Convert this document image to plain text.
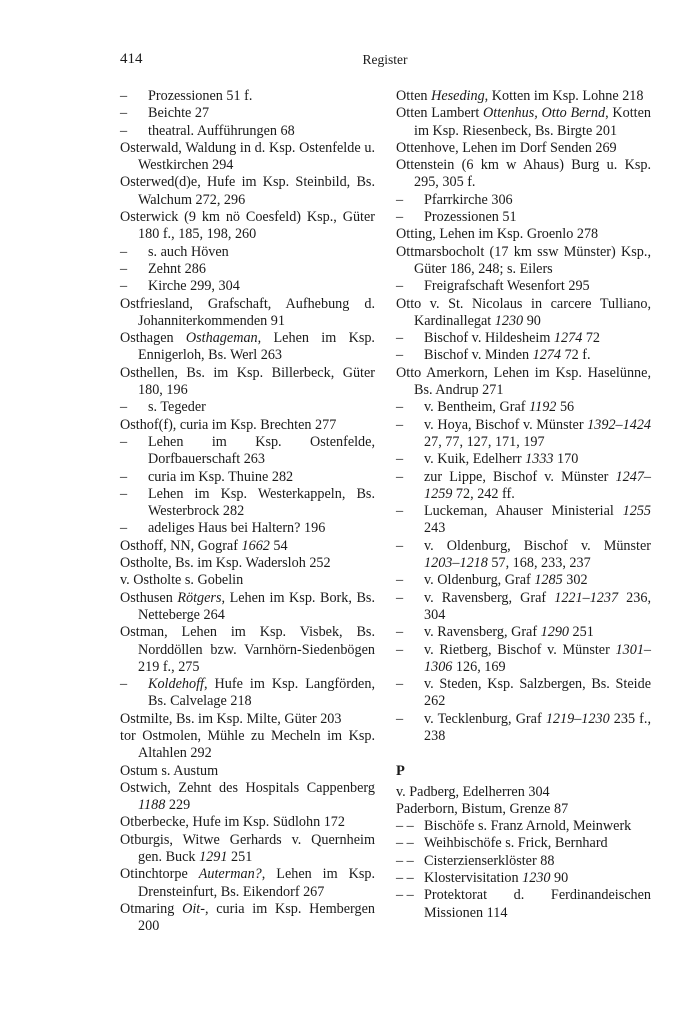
414	Register
– Prozessionen 51 f.
– Beichte 27
– theatral. Aufführungen 68
Osterwald, Waldung in d. Ksp. Ostenfelde u. Westkirchen 294
Osterwed(d)e, Hufe im Ksp. Steinbild, Bs. Walchum 272, 296
Osterwick (9 km nö Coesfeld) Ksp., Güter 180 f., 185, 198, 260
– s. auch Höven
– Zehnt 286
– Kirche 299, 304
Ostfriesland, Grafschaft, Aufhebung d. Johanniterkommenden 91
Osthagen Osthageman, Lehen im Ksp. Ennigerloh, Bs. Werl 263
Osthellen, Bs. im Ksp. Billerbeck, Güter 180, 196
– s. Tegeder
Osthof(f), curia im Ksp. Brechten 277
– Lehen im Ksp. Ostenfelde, Dorfbauerschaft 263
– curia im Ksp. Thuine 282
– Lehen im Ksp. Westerkappeln, Bs. Westerbrock 282
– adeliges Haus bei Haltern? 196
Osthoff, NN, Gograf 1662 54
Ostholte, Bs. im Ksp. Wadersloh 252
v. Ostholte s. Gobelin
Osthusen Rötgers, Lehen im Ksp. Bork, Bs. Netteberge 264
Ostman, Lehen im Ksp. Visbek, Bs. Norddöllen bzw. Varnhörn-Siedenbögen 219 f., 275
– Koldehoff, Hufe im Ksp. Langförden, Bs. Calvelage 218
Ostmilte, Bs. im Ksp. Milte, Güter 203
tor Ostmolen, Mühle zu Mecheln im Ksp. Altahlen 292
Ostum s. Austum
Ostwich, Zehnt des Hospitals Cappenberg 1188 229
Otberbecke, Hufe im Ksp. Südlohn 172
Otburgis, Witwe Gerhards v. Quernheim gen. Buck 1291 251
Otinchtorpe Auterman?, Lehen im Ksp. Drensteinfurt, Bs. Eikendorf 267
Otmaring Oit-, curia im Ksp. Hembergen 200
Otten Heseding, Kotten im Ksp. Lohne 218
Otten Lambert Ottenhus, Otto Bernd, Kotten im Ksp. Riesenbeck, Bs. Birgte 201
Ottenhove, Lehen im Dorf Senden 269
Ottenstein (6 km w Ahaus) Burg u. Ksp. 295, 305 f.
– Pfarrkirche 306
– Prozessionen 51
Otting, Lehen im Ksp. Groenlo 278
Ottmarsbocholt (17 km ssw Münster) Ksp., Güter 186, 248; s. Eilers
– Freigrafschaft Wesenfort 295
Otto v. St. Nicolaus in carcere Tulliano, Kardinallegat 1230 90
– Bischof v. Hildesheim 1274 72
– Bischof v. Minden 1274 72 f.
Otto Amerkorn, Lehen im Ksp. Haselünne, Bs. Andrup 271
– v. Bentheim, Graf 1192 56
– v. Hoya, Bischof v. Münster 1392–1424 27, 77, 127, 171, 197
– v. Kuik, Edelherr 1333 170
– zur Lippe, Bischof v. Münster 1247–1259 72, 242 ff.
– Luckeman, Ahauser Ministerial 1255 243
– v. Oldenburg, Bischof v. Münster 1203–1218 57, 168, 233, 237
– v. Oldenburg, Graf 1285 302
– v. Ravensberg, Graf 1221–1237 236, 304
– v. Ravensberg, Graf 1290 251
– v. Rietberg, Bischof v. Münster 1301–1306 126, 169
– v. Steden, Ksp. Salzbergen, Bs. Steide 262
– v. Tecklenburg, Graf 1219–1230 235 f., 238
P
v. Padberg, Edelherren 304
Paderborn, Bistum, Grenze 87
– – Bischöfe s. Franz Arnold, Meinwerk
– – Weihbischöfe s. Frick, Bernhard
– – Cisterzienserklöster 88
– – Klostervisitation 1230 90
– – Protektorat d. Ferdinandeischen Missionen 114
